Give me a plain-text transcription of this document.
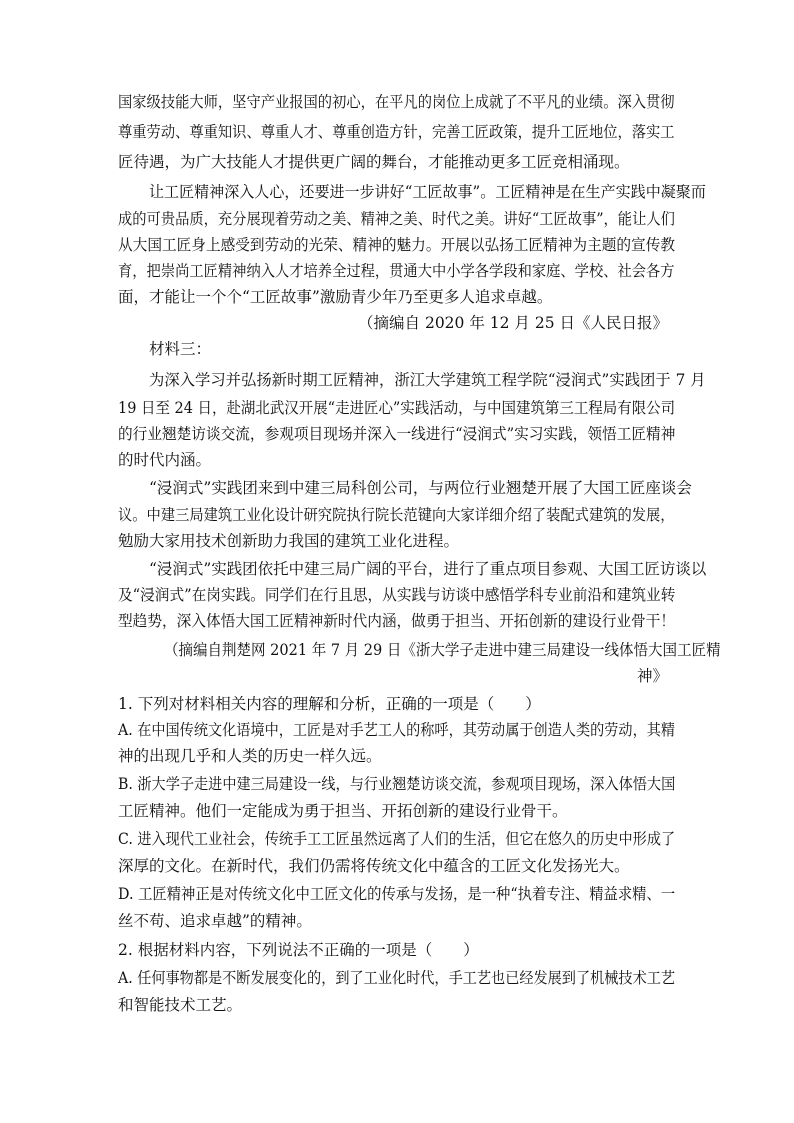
国家级技能大师，坚守产业报国的初心，在平凡的岗位上成就了不平凡的业绩。深入贯彻
尊重劳动、尊重知识、尊重人才、尊重创造方针，完善工匠政策，提升工匠地位，落实工
匠待遇，为广大技能人才提供更广阔的舞台，才能推动更多工匠竞相涌现。
让工匠精神深入人心，还要进一步讲好“工匠故事”。工匠精神是在生产实践中凝聚而
成的可贵品质，充分展现着劳动之美、精神之美、时代之美。讲好“工匠故事”，能让人们
从大国工匠身上感受到劳动的光荣、精神的魅力。开展以弘扬工匠精神为主题的宣传教
育，把崇尚工匠精神纳入人才培养全过程，贯通大中小学各学段和家庭、学校、社会各方
面，才能让一个个“工匠故事”激励青少年乃至更多人追求卓越。
（摘编自 2020 年 12 月 25 日《人民日报》
材料三：
为深入学习并弘扬新时期工匠精神，浙江大学建筑工程学院“浸润式”实践团于 7 月
19 日至 24 日，赴湖北武汉开展“走进匠心”实践活动，与中国建筑第三工程局有限公司
的行业翘楚访谈交流，参观项目现场并深入一线进行“浸润式”实习实践，领悟工匠精神
的时代内涵。
“浸润式”实践团来到中建三局科创公司，与两位行业翘楚开展了大国工匠座谈会
议。中建三局建筑工业化设计研究院执行院长范键向大家详细介绍了装配式建筑的发展，
勉励大家用技术创新助力我国的建筑工业化进程。
“浸润式”实践团依托中建三局广阔的平台，进行了重点项目参观、大国工匠访谈以
及“浸润式”在岗实践。同学们在行且思，从实践与访谈中感悟学科专业前沿和建筑业转
型趋势，深入体悟大国工匠精神新时代内涵，做勇于担当、开拓创新的建设行业骨干！
（摘编自荆楚网 2021 年 7 月 29 日《浙大学子走进中建三局建设一线体悟大国工匠精
神》
1. 下列对材料相关内容的理解和分析，正确的一项是（　　）
A. 在中国传统文化语境中，工匠是对手艺工人的称呼，其劳动属于创造人类的劳动，其精
神的出现几乎和人类的历史一样久远。
B. 浙大学子走进中建三局建设一线，与行业翘楚访谈交流，参观项目现场，深入体悟大国
工匠精神。他们一定能成为勇于担当、开拓创新的建设行业骨干。
C. 进入现代工业社会，传统手工工匠虽然远离了人们的生活，但它在悠久的历史中形成了
深厚的文化。在新时代，我们仍需将传统文化中蕴含的工匠文化发扬光大。
D. 工匠精神正是对传统文化中工匠文化的传承与发扬，是一种“执着专注、精益求精、一
丝不苟、追求卓越”的精神。
2. 根据材料内容，下列说法不正确的一项是（　　）
A. 任何事物都是不断发展变化的，到了工业化时代，手工艺也已经发展到了机械技术工艺
和智能技术工艺。
